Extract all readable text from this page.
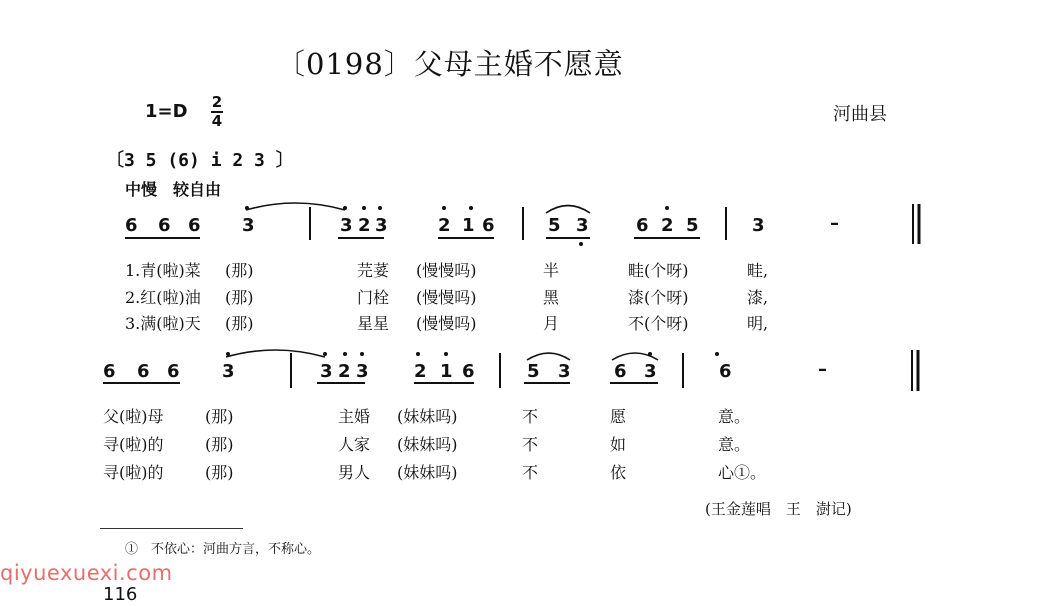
〔0198〕父母主婚不愿意
1=D 2
4	河曲县
〔3 5 (6) i 2 3 〕
中慢　较自由
6 6 6 3	3 2 3	2 1 6	5 3	6 2 5	3	–
1.青(啦)菜 (那)	芫荽 (慢慢吗)	半	畦(个呀)	畦,
2.红(啦)油 (那)	门栓 (慢慢吗)	黑	漆(个呀)	漆,
3.满(啦)天 (那)	星星 (慢慢吗)	月	不(个呀)	明,
6 6 6 3	3 2 3	2 1 6	5 3 6 3	6	–
父(啦)母	(那)	主婚 (妹妹吗)	不	愿	意。
寻(啦)的	(那)	人家 (妹妹吗)	不	如	意。
寻(啦)的	(那)	男人 (妹妹吗)	不	依	心①。
(王金莲唱　王　澍记)
①　不依心：河曲方言，不称心。
qiyuexuexi.com
116
